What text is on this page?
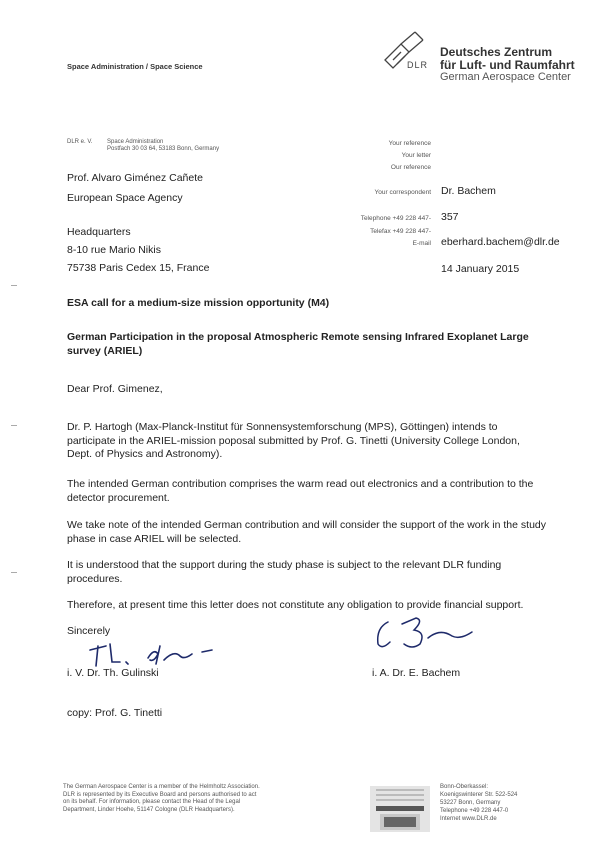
Space Administration / Space Science	DLR
Deutsches Zentrum
für Luft- und Raumfahrt
German Aerospace Center
DLR e. V. Space Administration
Postfach 30 03 64, 53183 Bonn, Germany
Prof. Alvaro Giménez Cañete
European Space Agency
Headquarters
8-10 rue Mario Nikis
75738 Paris Cedex 15, France
Your reference
Your letter
Our reference
Your correspondent Dr. Bachem
Telephone +49 228 447- 357
Telefax +49 228 447-
E-mail eberhard.bachem@dlr.de
14 January 2015
ESA call for a medium-size mission opportunity (M4)
German Participation in the proposal Atmospheric Remote sensing Infrared Exoplanet Large survey (ARIEL)
Dear Prof. Gimenez,
Dr. P. Hartogh (Max-Planck-Institut für Sonnensystemforschung (MPS), Göttingen) intends to participate in the ARIEL-mission poposal submitted by Prof. G. Tinetti (University College London, Dept. of Physics and Astronomy).
The intended German contribution comprises the warm read out electronics and a contribution to the detector procurement.
We take note of the intended German contribution and will consider the support of the work in the study phase in case ARIEL will be selected.
It is understood that the support during the study phase is subject to the relevant DLR funding procedures.
Therefore, at present time this letter does not constitute any obligation to provide financial support.
Sincerely
i. V. Dr. Th. Gulinski	i. A. Dr. E. Bachem
copy: Prof. G. Tinetti
The German Aerospace Center is a member of the Helmholtz Association. DLR is represented by its Executive Board and persons authorised to act on its behalf. For information, please contact the Head of the Legal Department, Linder Hoehe, 51147 Cologne (DLR Headquarters).
Bonn-Oberkassel:
Koenigswinterer Str. 522-524
53227 Bonn, Germany
Telephone +49 228 447-0
Internet www.DLR.de
